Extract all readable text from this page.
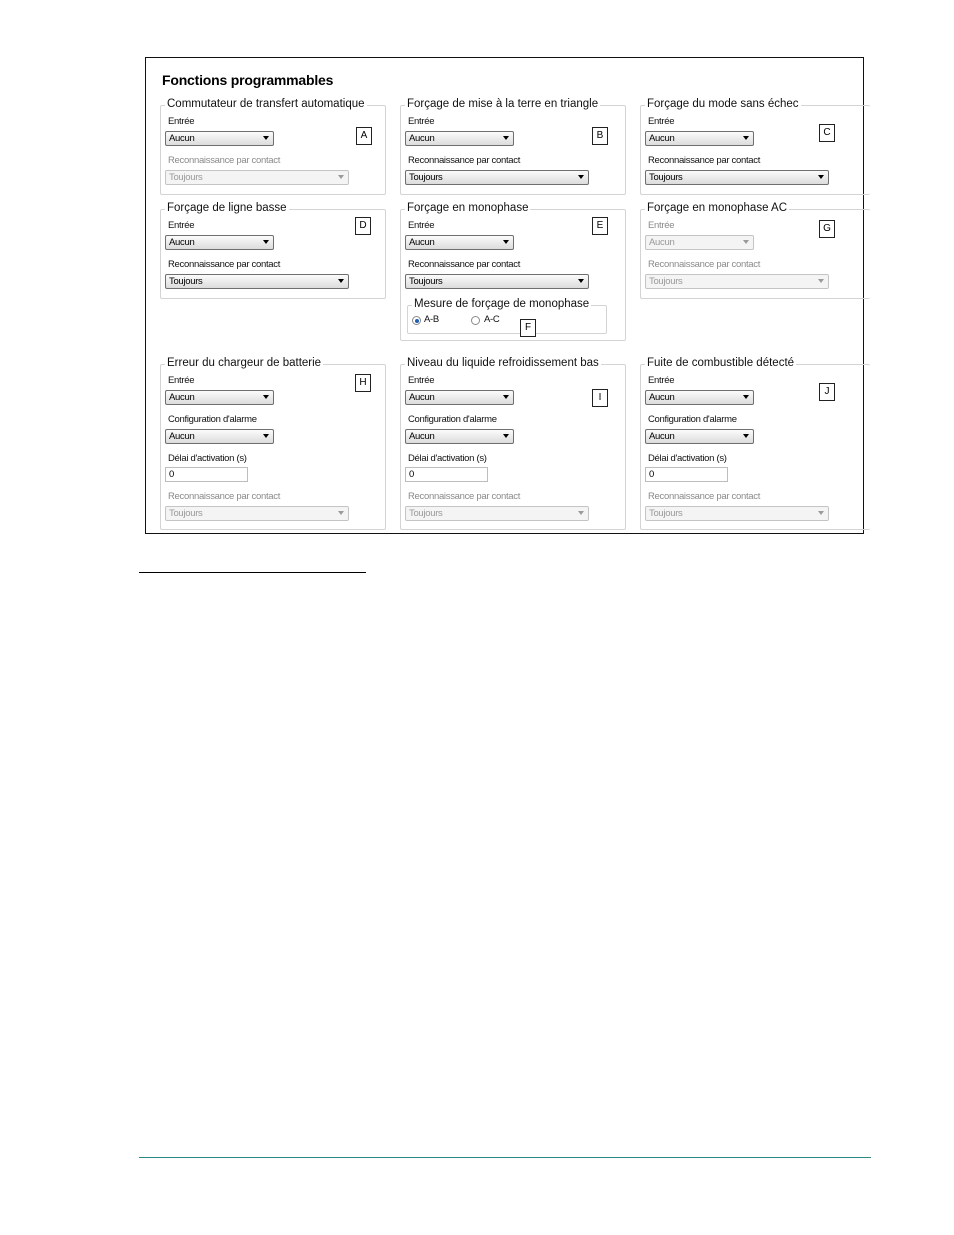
Fonctions programmables
Commutateur de transfert automatique
Entrée
Aucun
Reconnaissance par contact
Toujours
A
Forçage de mise à la terre en triangle
Entrée
Aucun
Reconnaissance par contact
Toujours
B
Forçage du mode sans échec
Entrée
Aucun
Reconnaissance par contact
Toujours
C
Forçage de ligne basse
Entrée
Aucun
Reconnaissance par contact
Toujours
D
Forçage en monophase
Entrée
Aucun
Reconnaissance par contact
Toujours
E
Mesure de forçage de monophase
A-B	A-C
F
Forçage en monophase AC
Entrée
Aucun
Reconnaissance par contact
Toujours
G
Erreur du chargeur de batterie
Entrée
Aucun
Configuration d'alarme
Aucun
Délai d'activation (s)
0
Reconnaissance par contact
Toujours
H
Niveau du liquide refroidissement bas
Entrée
Aucun
Configuration d'alarme
Aucun
Délai d'activation (s)
0
Reconnaissance par contact
Toujours
I
Fuite de combustible détecté
Entrée
Aucun
Configuration d'alarme
Aucun
Délai d'activation (s)
0
Reconnaissance par contact
Toujours
J
